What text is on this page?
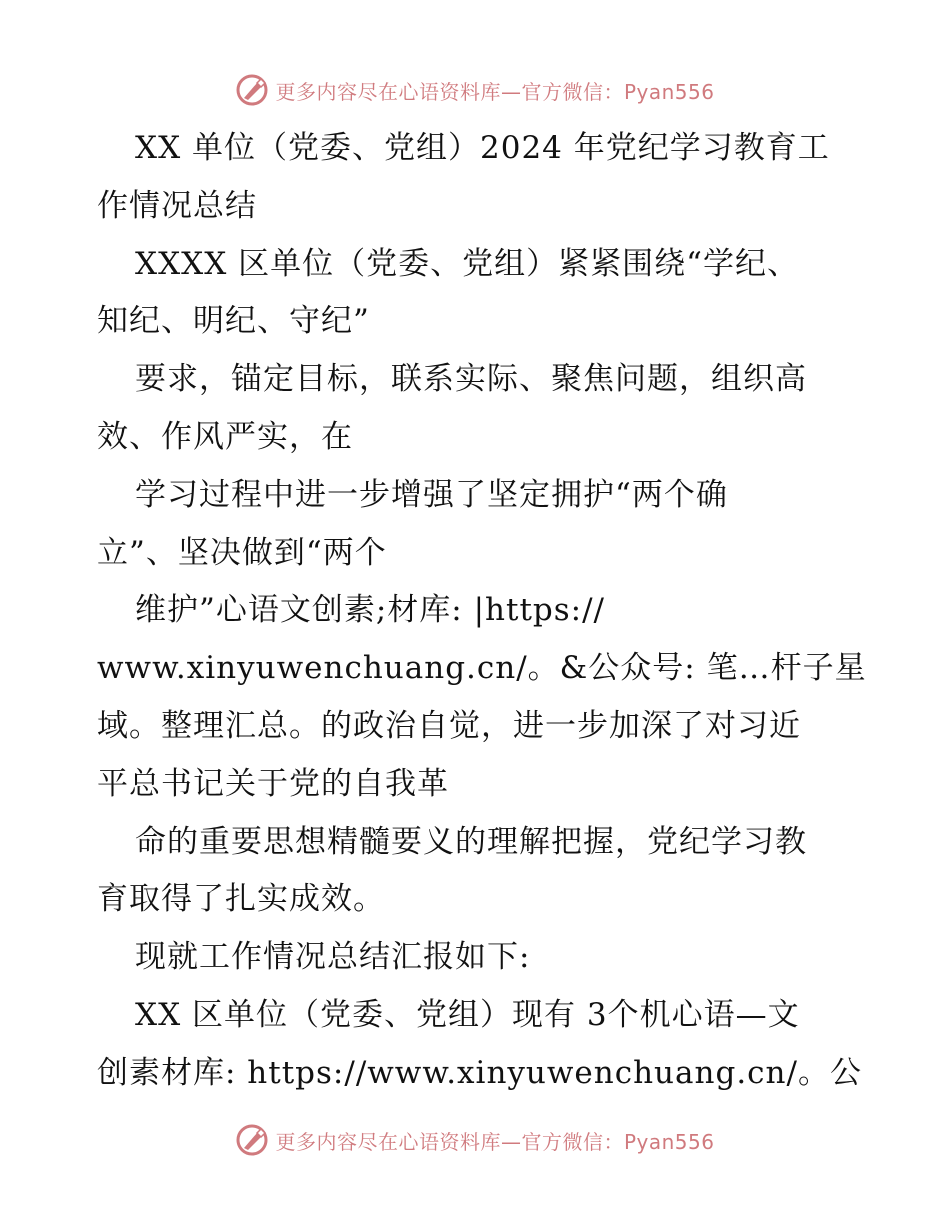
更多内容尽在心语资料库—官方微信：Pyan556
XX 单位（党委、党组）2024 年党纪学习教育工
作情况总结
XXXX 区单位（党委、党组）紧紧围绕“学纪、
知纪、明纪、守纪”
要求，锚定目标，联系实际、聚焦问题，组织高
效、作风严实，在
学习过程中进一步增强了坚定拥护“两个确
立”、坚决做到“两个
维护”心语文创素;材库: |https://
www.xinyuwenchuang.cn/。&公众号: 笔…杆子星
域。整理汇总。的政治自觉，进一步加深了对习近
平总书记关于党的自我革
命的重要思想精髓要义的理解把握，党纪学习教
育取得了扎实成效。
现就工作情况总结汇报如下:
XX 区单位（党委、党组）现有 3个机心语—文
创素材库: https://www.xinyuwenchuang.cn/。公
更多内容尽在心语资料库—官方微信：Pyan556
